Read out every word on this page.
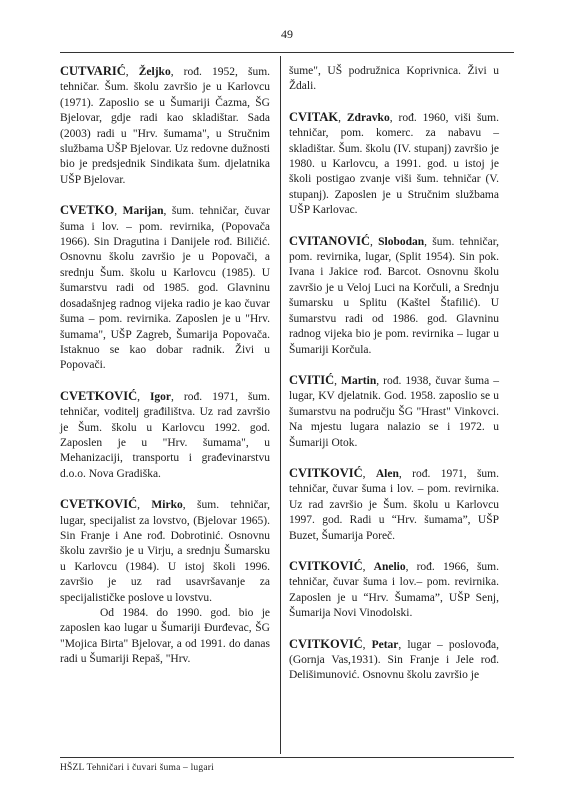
49

CUTVARIĆ, Željko, rođ. 1952, šum. tehničar. Šum. školu završio je u Karlovcu (1971). Zaposlio se u Šumariji Čazma, ŠG Bjelovar, gdje radi kao skladištar. Sada (2003) radi u "Hrv. šumama", u Stručnim službama UŠP Bjelovar. Uz redovne dužnosti bio je predsjednik Sindikata šum. djelatnika UŠP Bjelovar.

CVETKO, Marijan, šum. tehničar, čuvar šuma i lov. – pom. revirnika, (Popovača 1966). Sin Dragutina i Danijele rođ. Biličić. Osnovnu školu završio je u Popovači, a srednju Šum. školu u Karlovcu (1985). U šumarstvu radi od 1985. god. Glavninu dosadašnjeg radnog vijeka radio je kao čuvar šuma – pom. revirnika. Zaposlen je u "Hrv. šumama", UŠP Zagreb, Šumarija Popovača. Istaknuo se kao dobar radnik. Živi u Popovači.

CVETKOVIĆ, Igor, rođ. 1971, šum. tehničar, voditelj građilištva. Uz rad završio je Šum. školu u Karlovcu 1992. god. Zaposlen je u "Hrv. šumama", u Mehanizaciji, transportu i građevinarstvu d.o.o. Nova Gradiška.

CVETKOVIĆ, Mirko, šum. tehničar, lugar, specijalist za lovstvo, (Bjelovar 1965). Sin Franje i Ane rođ. Dobrotinić. Osnovnu školu završio je u Virju, a srednju Šumarsku u Karlovcu (1984). U istoj školi 1996. završio je uz rad usavršavanje za specijalističke poslove u lovstvu.

Od 1984. do 1990. god. bio je zaposlen kao lugar u Šumariji Đurđevac, ŠG "Mojica Birta" Bjelovar, a od 1991. do danas radi u Šumariji Repaš, "Hrv.

šume", UŠ podružnica Koprivnica. Živi u Ždali.

CVITAK, Zdravko, rođ. 1960, viši šum. tehničar, pom. komerc. za nabavu – skladištar. Šum. školu (IV. stupanj) završio je 1980. u Karlovcu, a 1991. god. u istoj je školi postigao zvanje viši šum. tehničar (V. stupanj). Zaposlen je u Stručnim službama UŠP Karlovac.

CVITANOVIĆ, Slobodan, šum. tehničar, pom. revirnika, lugar, (Split 1954). Sin pok. Ivana i Jakice rođ. Barcot. Osnovnu školu završio je u Veloj Luci na Korčuli, a Srednju šumarsku u Splitu (Kaštel Štafilić). U šumarstvu radi od 1986. god. Glavninu radnog vijeka bio je pom. revirnika – lugar u Šumariji Korčula.

CVITIĆ, Martin, rođ. 1938, čuvar šuma – lugar, KV djelatnik. God. 1958. zaposlio se u šumarstvu na području ŠG "Hrast" Vinkovci. Na mjestu lugara nalazio se i 1972. u Šumariji Otok.

CVITKOVIĆ, Alen, rođ. 1971, šum. tehničar, čuvar šuma i lov. – pom. revirnika. Uz rad završio je Šum. školu u Karlovcu 1997. god. Radi u “Hrv. šumama”, UŠP Buzet, Šumarija Poreč.

CVITKOVIĆ, Anelio, rođ. 1966, šum. tehničar, čuvar šuma i lov.– pom. revirnika. Zaposlen je u “Hrv. Šumama”, UŠP Senj, Šumarija Novi Vinodolski.

CVITKOVIĆ, Petar, lugar – poslovođa, (Gornja Vas,1931). Sin Franje i Jele rođ. Delišimunović. Osnovnu školu završio je

HŠZL Tehničari i čuvari šuma – lugari
